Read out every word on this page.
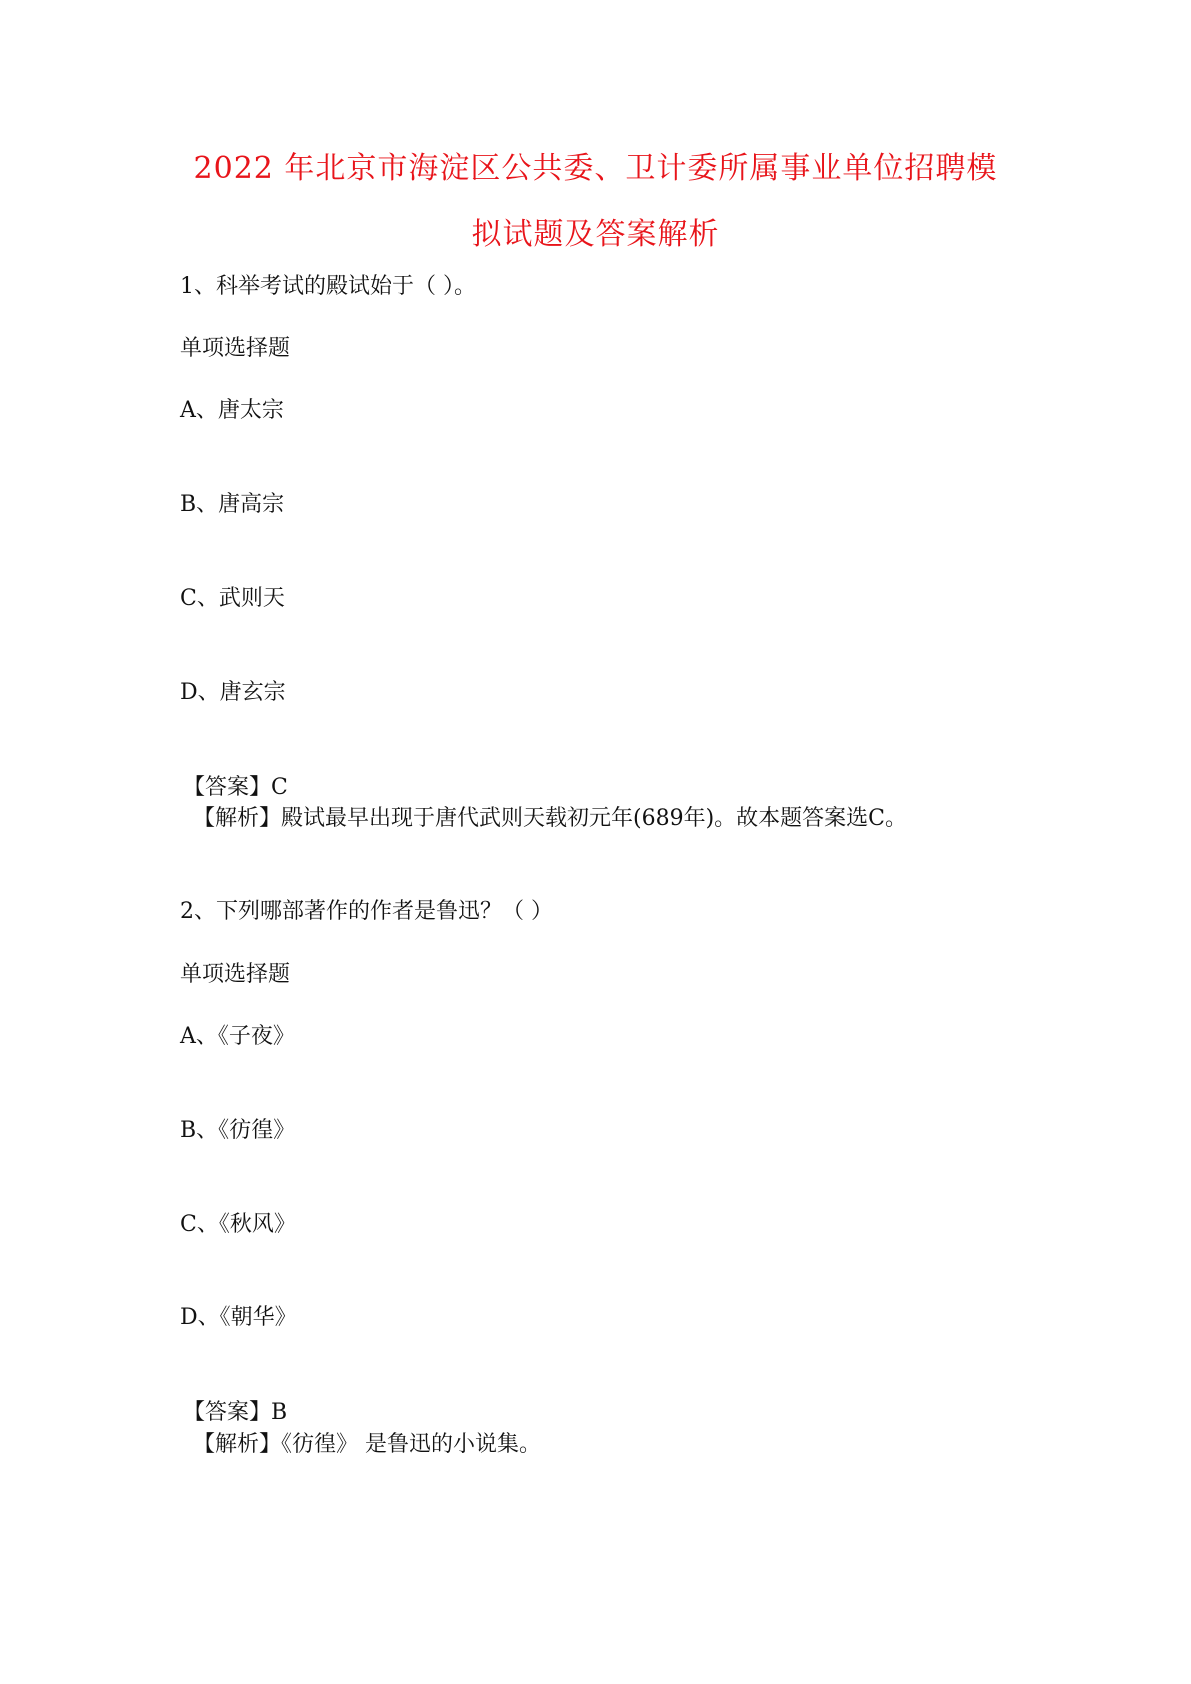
2022 年北京市海淀区公共委、卫计委所属事业单位招聘模
拟试题及答案解析
1、科举考试的殿试始于（ ）。
单项选择题
A、唐太宗
B、唐高宗
C、武则天
D、唐玄宗
【答案】C
【解析】殿试最早出现于唐代武则天载初元年(689年)。故本题答案选C。
2、下列哪部著作的作者是鲁迅？（ ）
单项选择题
A、《子夜》
B、《彷徨》
C、《秋风》
D、《朝华》
【答案】B
【解析】《彷徨》 是鲁迅的小说集。
